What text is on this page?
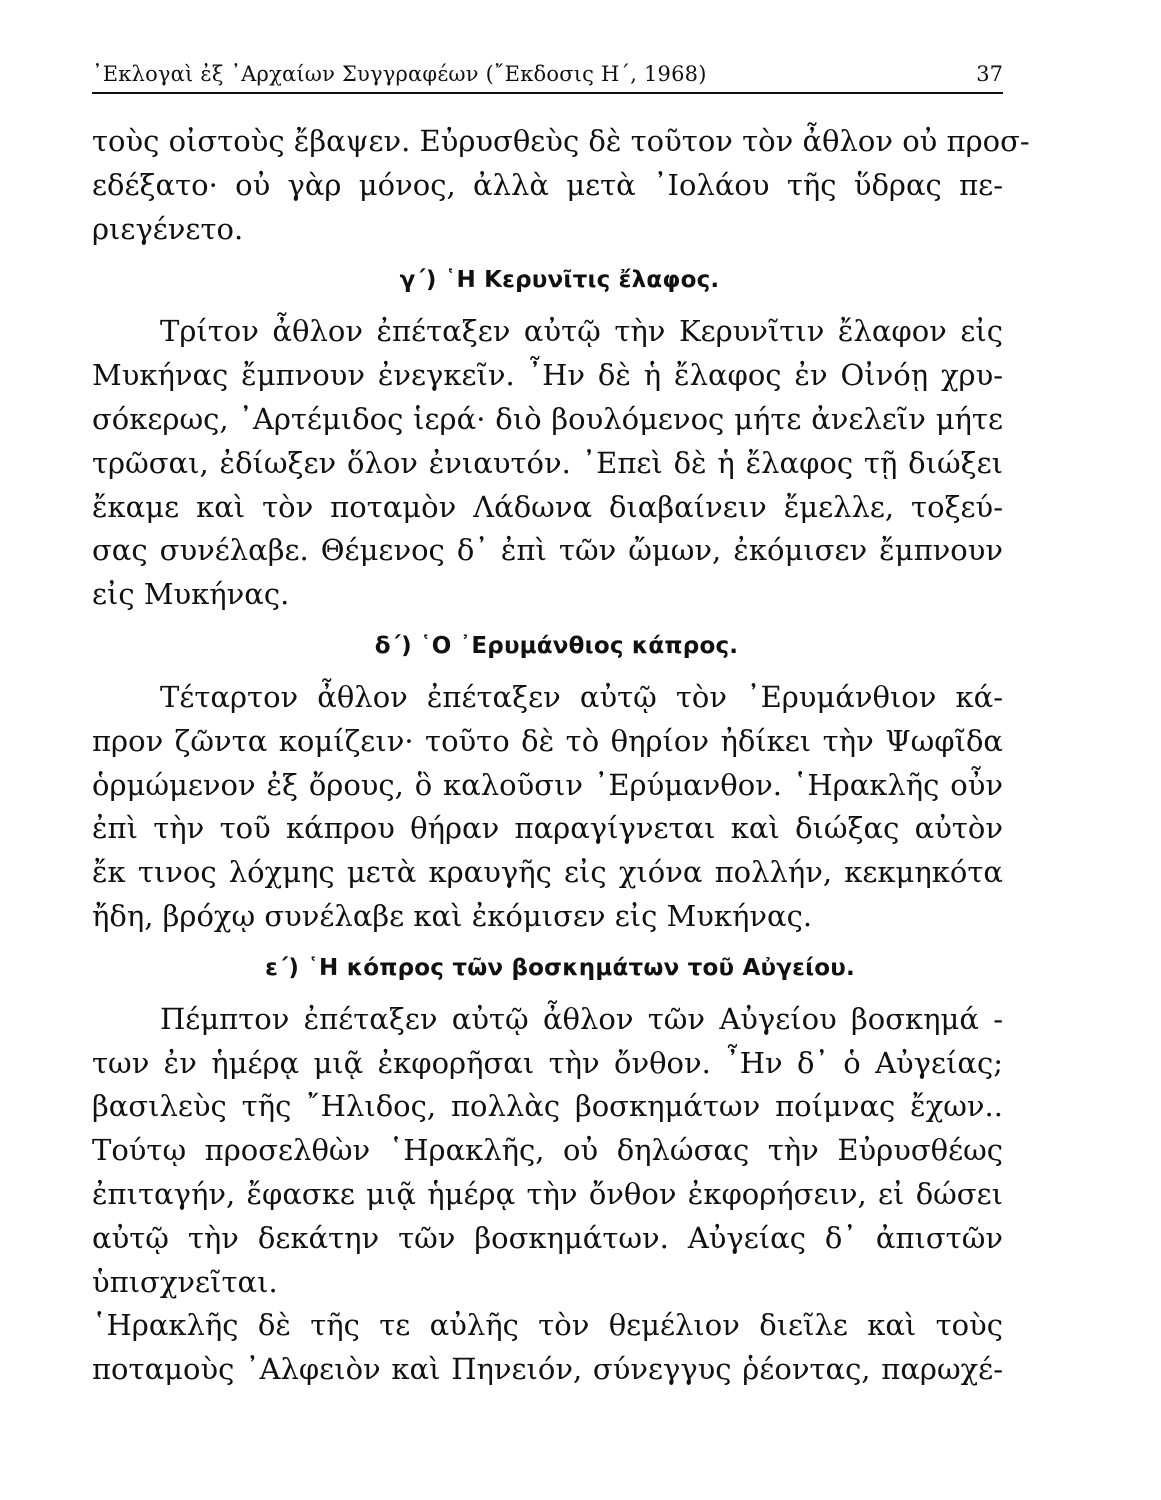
᾿Εκλογαὶ ἐξ ᾿Αρχαίων Συγγραφέων (῎Εκδοσις Η΄, 1968)	37
τοὺς οἰστοὺς ἔβαψεν. Εὐρυσθεὺς δὲ τοῦτον τὸν ἆθλον οὐ προσ-
εδέξατο· οὐ γὰρ μόνος, ἀλλὰ μετὰ ᾿Ιολάου τῆς ὕδρας πε-
ριεγένετο.
γ΄) ῾Η Κερυνῖτις ἔλαφος.
Τρίτον ἆθλον ἐπέταξεν αὐτῷ τὴν Κερυνῖτιν ἔλαφον εἰς
Μυκήνας ἔμπνουν ἐνεγκεῖν. ῏Ην δὲ ἡ ἔλαφος ἐν Οἰνόῃ χρυ-
σόκερως, ᾿Αρτέμιδος ἱερά· διὸ βουλόμενος μήτε ἀνελεῖν μήτε
τρῶσαι, ἐδίωξεν ὅλον ἐνιαυτόν. ᾿Επεὶ δὲ ἡ ἔλαφος τῇ διώξει
ἔκαμε καὶ τὸν ποταμὸν Λάδωνα διαβαίνειν ἔμελλε, τοξεύ-
σας συνέλαβε. Θέμενος δ᾿ ἐπὶ τῶν ὤμων, ἐκόμισεν ἔμπνουν
εἰς Μυκήνας.
δ΄) ῾Ο ᾿Ερυμάνθιος κάπρος.
Τέταρτον ἆθλον ἐπέταξεν αὐτῷ τὸν ᾿Ερυμάνθιον κά-
προν ζῶντα κομίζειν· τοῦτο δὲ τὸ θηρίον ἠδίκει τὴν Ψωφῖδα
ὁρμώμενον ἐξ ὄρους, ὃ καλοῦσιν ᾿Ερύμανθον. ῾Ηρακλῆς οὖν
ἐπὶ τὴν τοῦ κάπρου θήραν παραγίγνεται καὶ διώξας αὐτὸν
ἔκ τινος λόχμης μετὰ κραυγῆς εἰς χιόνα πολλήν, κεκμηκότα
ἤδη, βρόχῳ συνέλαβε καὶ ἐκόμισεν εἰς Μυκήνας.
ε΄) ῾Η κόπρος τῶν βοσκημάτων τοῦ Αὐγείου.
Πέμπτον ἐπέταξεν αὐτῷ ἆθλον τῶν Αὐγείου βοσκημά -
των ἐν ἡμέρᾳ μιᾷ ἐκφορῆσαι τὴν ὄνθον. ῏Ην δ᾿ ὁ Αὐγείας;
βασιλεὺς τῆς ῎Ηλιδος, πολλὰς βοσκημάτων ποίμνας ἔχων..
Τούτῳ προσελθὼν ῾Ηρακλῆς, οὐ δηλώσας τὴν Εὐρυσθέως
ἐπιταγήν, ἔφασκε μιᾷ ἡμέρᾳ τὴν ὄνθον ἐκφορήσειν, εἰ δώσει
αὐτῷ τὴν δεκάτην τῶν βοσκημάτων. Αὐγείας δ᾿ ἀπιστῶν
ὑπισχνεῖται.
῾Ηρακλῆς δὲ τῆς τε αὐλῆς τὸν θεμέλιον διεῖλε καὶ τοὺς
ποταμοὺς ᾿Αλφειὸν καὶ Πηνειόν, σύνεγγυς ῥέοντας, παρωχέ-
